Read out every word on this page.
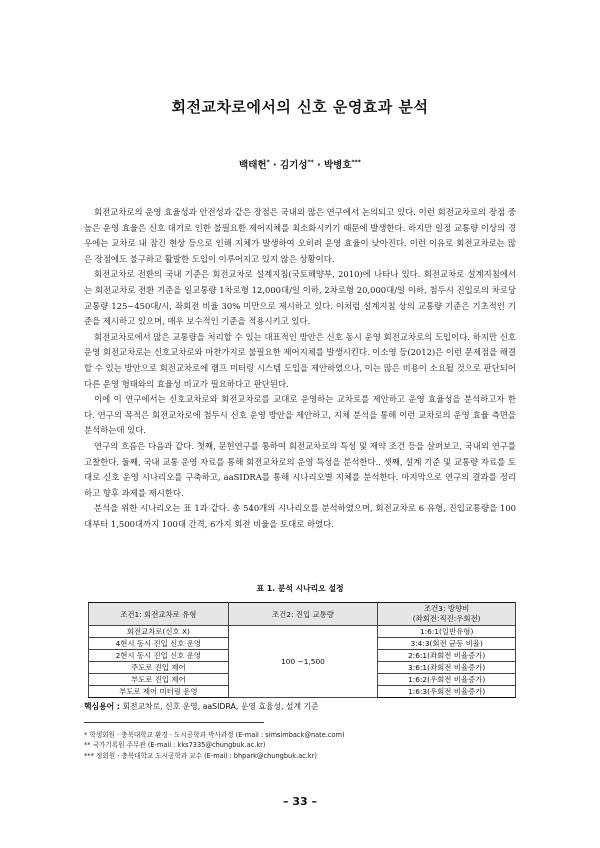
회전교차로에서의 신호 운영효과 분석
백태헌* · 김기성** · 박병호***

회전교차로의 운영 효율성과 안전성과 같은 장점은 국내외 많은 연구에서 논의되고 있다. 이런 회전교차로의 장점 중 높은 운영 효율은 신호 대기로 인한 불필요한 제어지체를 최소화시키기 때문에 발생한다. 하지만 일정 교통량 이상의 경우에는 교차로 내 잠긴 현상 등으로 인해 지체가 발생하여 오히려 운영 효율이 낮아진다. 이런 이유로 회전교차로는 많은 장점에도 불구하고 활발한 도입이 이루어지고 있지 않은 상황이다.

회전교차로 전환의 국내 기준은 회전교차로 설계지침(국토해양부, 2010)에 나타나 있다. 회전교차로 설계지침에서는 회전교차로 전환 기준을 일교통량 1차로형 12,000대/일 이하, 2차로형 20,000대/일 이하, 첨두시 진입로의 차로당 교통량 125~450대/시, 좌회전 비율 30% 미만으로 제시하고 있다. 이처럼 설계지침 상의 교통량 기준은 기초적인 기준을 제시하고 있으며, 매우 보수적인 기준을 적용시키고 있다.

회전교차로에서 많은 교통량을 처리할 수 있는 대표적인 방안은 신호 동시 운영 회전교차로의 도입이다. 하지만 신호 운영 회전교차로는 신호교차로와 마찬가지로 불필요한 제어지체를 발생시킨다. 이소영 등(2012)은 이런 문제점을 해결할 수 있는 방안으로 회전교차로에 램프 미터링 시스템 도입을 제안하였으나, 이는 많은 비용이 소요될 것으로 판단되어 다른 운영 형태와의 효율성 비교가 필요하다고 판단된다.

이에 이 연구에서는 신호교차로와 회전교차로를 교대로 운영하는 교차로를 제안하고 운영 효율성을 분석하고자 한다. 연구의 목적은 회전교차로에 첨두시 신호 운영 방안을 제안하고, 지체 분석을 통해 이런 교차로의 운영 효율 측면을 분석하는데 있다.

연구의 흐름은 다음과 같다. 첫째, 문헌연구를 통하여 회전교차로의 특성 및 제약 조건 등을 살펴보고, 국내외 연구를 고찰한다. 둘째, 국내 교통 운영 자료를 통해 회전교차로의 운영 특성을 분석한다.. 셋째, 설계 기준 및 교통량 자료를 토대로 신호 운영 시나리오를 구축하고, aaSIDRA를 통해 시나리오별 지체를 분석한다. 마지막으로 연구의 결과를 정리하고 향후 과제를 제시한다.

분석을 위한 시나리오는 표 1과 같다. 총 540개의 시나리오를 분석하였으며, 회전교차로 6 유형, 진입교통량을 100대부터 1,500대까지 100대 간격, 6가지 회전 비율을 토대로 하였다.

표 1. 분석 시나리오 설정
조건1: 회전교차로 유형	조건2: 진입 교통량	조건3: 방향비
(좌회전:직진:우회전)

회전교차로(신호 X)	100 ~1,500	1:6:1(일반유형)
4현시 동시 진입 신호 운영		3:4:3(회전 균등 비율)
2현시 동시 진입 신호 운영		2:6:1(좌회전 비율증가)
주도로 진입 제어		3:6:1(좌회전 비율증가)
부도로 진입 제어		1:6:2(우회전 비율증가)
부도로 제어 미터링 운영		1:6:3(우회전 비율증가)
핵심용어 : 회전교차로, 신호 운영, aaSIDRA, 운영 효율성, 설계 기준
* 학생회원 · 충북대학교 환경 · 도시공학과 박사과정 (E-mail : simsimback@nate.com)
** 국가기록원 주무관 (E-mail : kks7335@chungbuk.ac.kr)
*** 정회원 · 충북대학교 도시공학과 교수 (E-mail : bhpark@chungbuk.ac.kr)
– 33 –
